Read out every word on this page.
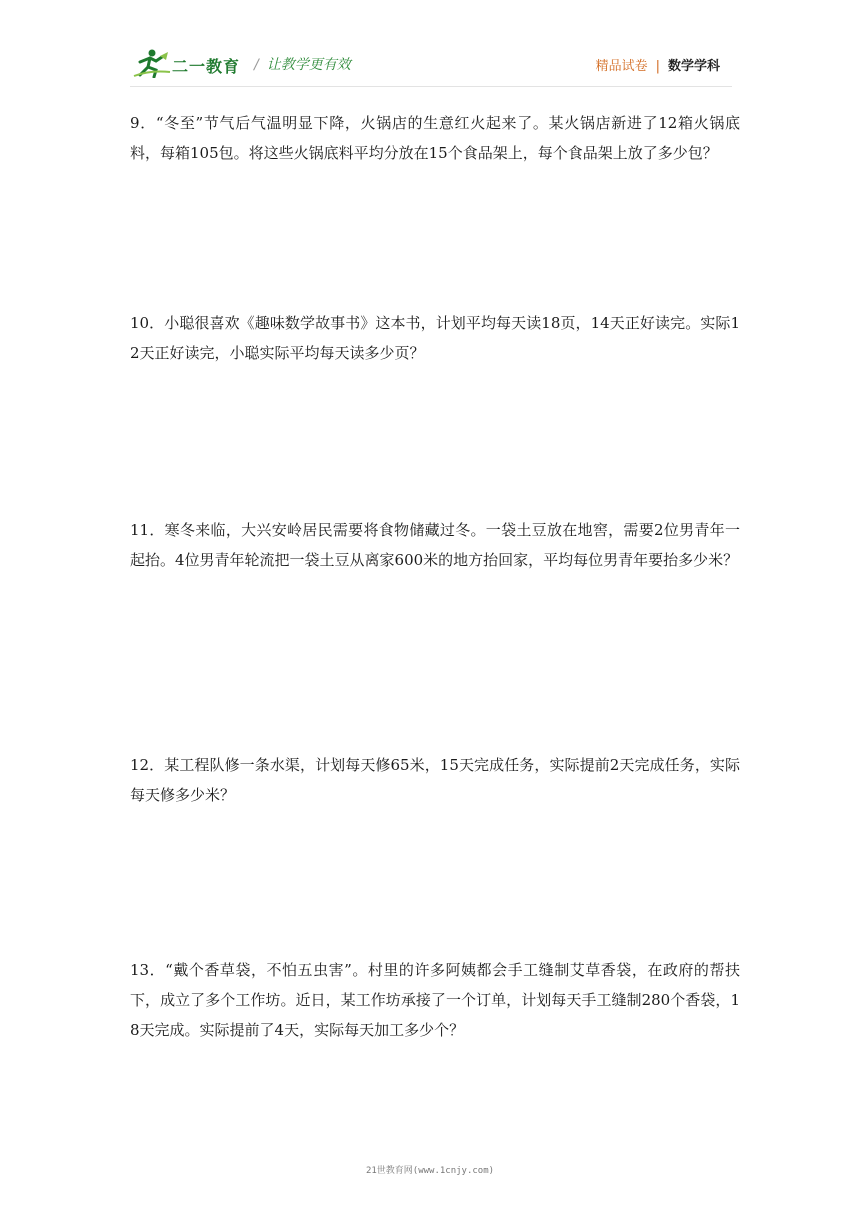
二一教育 / 让教学更有效	精品试卷 | 数学学科
9．“冬至”节气后气温明显下降，火锅店的生意红火起来了。某火锅店新进了12箱火锅底料，每箱105包。将这些火锅底料平均分放在15个食品架上，每个食品架上放了多少包？
10．小聪很喜欢《趣味数学故事书》这本书，计划平均每天读18页，14天正好读完。实际12天正好读完，小聪实际平均每天读多少页？
11．寒冬来临，大兴安岭居民需要将食物储藏过冬。一袋土豆放在地窖，需要2位男青年一起抬。4位男青年轮流把一袋土豆从离家600米的地方抬回家，平均每位男青年要抬多少米？
12．某工程队修一条水渠，计划每天修65米，15天完成任务，实际提前2天完成任务，实际每天修多少米？
13．“戴个香草袋，不怕五虫害”。村里的许多阿姨都会手工缝制艾草香袋，在政府的帮扶下，成立了多个工作坊。近日，某工作坊承接了一个订单，计划每天手工缝制280个香袋，18天完成。实际提前了4天，实际每天加工多少个？
21世教育网(www.1cnjy.com)
